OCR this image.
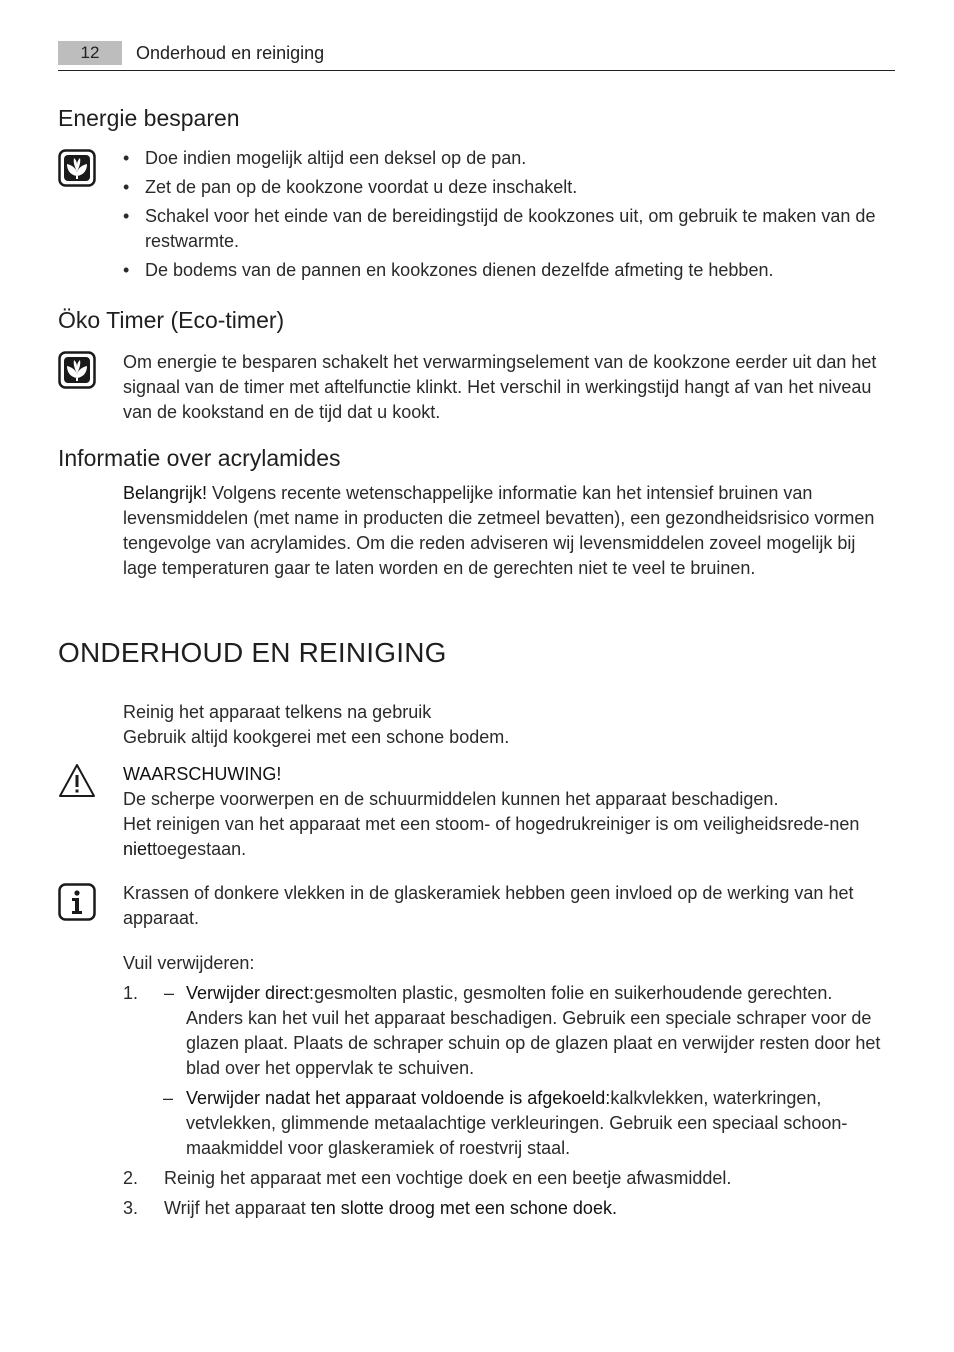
12	Onderhoud en reiniging
Energie besparen
• Doe indien mogelijk altijd een deksel op de pan.
• Zet de pan op de kookzone voordat u deze inschakelt.
• Schakel voor het einde van de bereidingstijd de kookzones uit, om gebruik te maken van de restwarmte.
• De bodems van de pannen en kookzones dienen dezelfde afmeting te hebben.
Öko Timer (Eco-timer)
Om energie te besparen schakelt het verwarmingselement van de kookzone eerder uit dan het signaal van de timer met aftelfunctie klinkt. Het verschil in werkingstijd hangt af van het niveau van de kookstand en de tijd dat u kookt.
Informatie over acrylamides
Belangrijk! Volgens recente wetenschappelijke informatie kan het intensief bruinen van levensmiddelen (met name in producten die zetmeel bevatten), een gezondheidsrisico vormen tengevolge van acrylamides. Om die reden adviseren wij levensmiddelen zoveel mogelijk bij lage temperaturen gaar te laten worden en de gerechten niet te veel te bruinen.
ONDERHOUD EN REINIGING
Reinig het apparaat telkens na gebruik
Gebruik altijd kookgerei met een schone bodem.
WAARSCHUWING!
De scherpe voorwerpen en de schuurmiddelen kunnen het apparaat beschadigen.
Het reinigen van het apparaat met een stoom- of hogedrukreiniger is om veiligheidsrede-nen niettoegestaan.
Krassen of donkere vlekken in de glaskeramiek hebben geen invloed op de werking van het apparaat.
Vuil verwijderen:
1. – Verwijder direct:gesmolten plastic, gesmolten folie en suikerhoudende gerechten. Anders kan het vuil het apparaat beschadigen. Gebruik een speciale schraper voor de glazen plaat. Plaats de schraper schuin op de glazen plaat en verwijder resten door het blad over het oppervlak te schuiven.
– Verwijder nadat het apparaat voldoende is afgekoeld:kalkvlekken, waterkringen, vetvlekken, glimmende metaalachtige verkleuringen. Gebruik een speciaal schoon-maakmiddel voor glaskeramiek of roestvrij staal.
2. Reinig het apparaat met een vochtige doek en een beetje afwasmiddel.
3. Wrijf het apparaat ten slotte droog met een schone doek.
